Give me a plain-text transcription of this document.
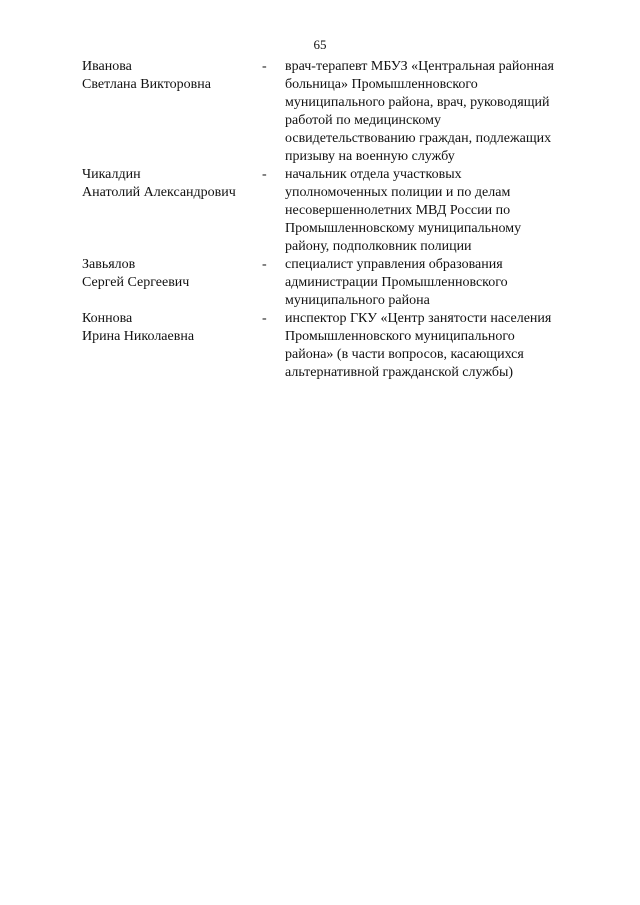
65
Иванова
Светлана Викторовна
-	врач-терапевт МБУЗ «Центральная районная
больница» Промышленновского
муниципального района, врач, руководящий
работой по медицинскому
освидетельствованию граждан, подлежащих
призыву на военную службу
Чикалдин
Анатолий Александрович
-	начальник отдела участковых
уполномоченных полиции и по делам
несовершеннолетних МВД России по
Промышленновскому муниципальному
району, подполковник полиции
Завьялов
Сергей Сергеевич
-	специалист управления образования
администрации Промышленновского
муниципального района
Коннова
Ирина Николаевна
-	инспектор ГКУ «Центр занятости населения
Промышленновского муниципального
района» (в части вопросов, касающихся
альтернативной гражданской службы)
